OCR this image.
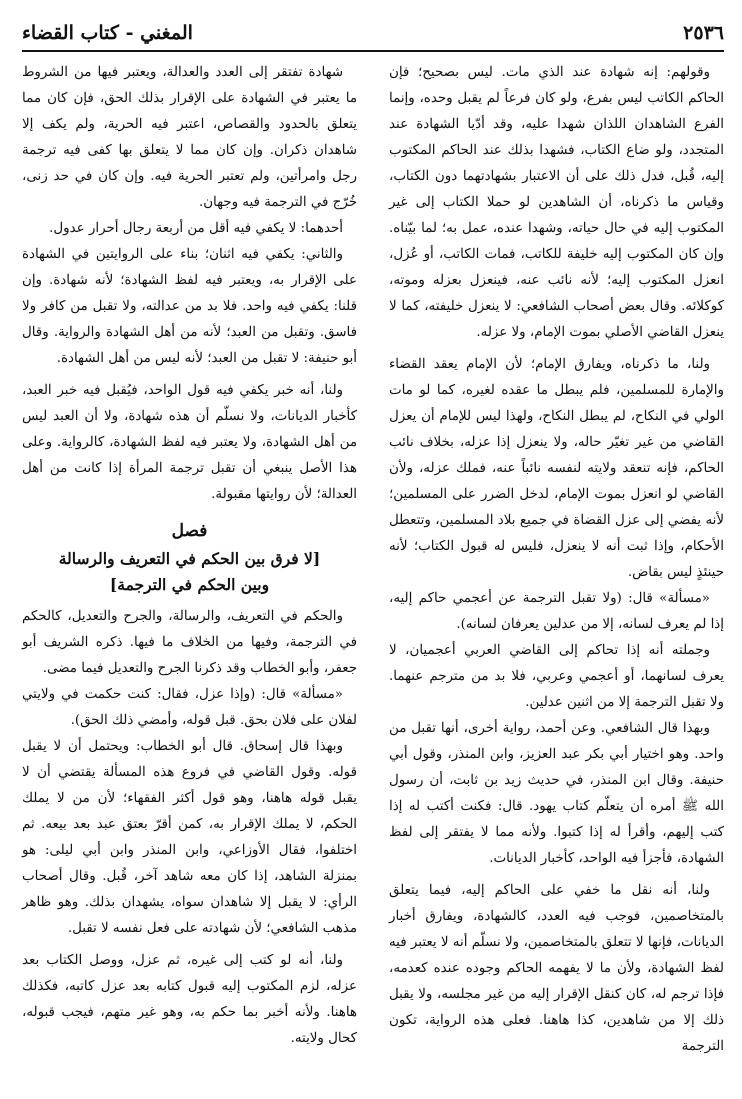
٢٥٣٦
المغني - كتاب القضاء

وقولهم: إنه شهادة عند الذي مات. ليس بصحيح؛ فإن الحاكم الكاتب ليس بفرع، ولو كان فرعاً لم يقبل وحده، وإنما الفرع الشاهدان اللذان شهدا عليه، وقد أدّيا الشهادة عند المتجدد، ولو ضاع الكتاب، فشهدا بذلك عند الحاكم المكتوب إليه، قُبل، فدل ذلك على أن الاعتبار بشهادتهما دون الكتاب، وقياس ما ذكرناه، أن الشاهدين لو حملا الكتاب إلى غير المكتوب إليه في حال حياته، وشهدا عنده، عمل به؛ لما بيّناه. وإن كان المكتوب إليه خليفة للكاتب، فمات الكاتب، أو عُزل، انعزل المكتوب إليه؛ لأنه نائب عنه، فينعزل بعزله وموته، كوكلائه. وقال بعض أصحاب الشافعي: لا ينعزل خليفته، كما لا ينعزل القاضي الأصلي بموت الإمام، ولا عزله.

ولنا، ما ذكرناه، ويفارق الإمام؛ لأن الإمام يعقد القضاء والإمارة للمسلمين، فلم يبطل ما عقده لغيره، كما لو مات الولي في النكاح، لم يبطل النكاح، ولهذا ليس للإمام أن يعزل القاضي من غير تغيّر حاله، ولا ينعزل إذا عزله، بخلاف نائب الحاكم، فإنه تنعقد ولايته لنفسه نائباً عنه، فملك عزله، ولأن القاضي لو انعزل بموت الإمام، لدخل الضرر على المسلمين؛ لأنه يفضي إلى عزل القضاة في جميع بلاد المسلمين، وتتعطل الأحكام، وإذا ثبت أنه لا ينعزل، فليس له قبول الكتاب؛ لأنه حينئذٍ ليس بقاض.

«مسألة» قال: (ولا تقبل الترجمة عن أعجمي حاكم إليه، إذا لم يعرف لسانه، إلا من عدلين يعرفان لسانه).

وجملته أنه إذا تحاكم إلى القاضي العربي أعجميان، لا يعرف لسانهما، أو أعجمي وعربي، فلا بد من مترجم عنهما. ولا تقبل الترجمة إلا من اثنين عدلين.

وبهذا قال الشافعي. وعن أحمد، رواية أخرى، أنها تقبل من واحد. وهو اختيار أبي بكر عبد العزيز، وابن المنذر، وقول أبي حنيفة. وقال ابن المنذر، في حديث زيد بن ثابت، أن رسول الله ﷺ أمره أن يتعلّم كتاب يهود. قال: فكنت أكتب له إذا كتب إليهم، وأقرأ له إذا كتبوا. ولأنه مما لا يفتقر إلى لفظ الشهادة، فأجزأ فيه الواحد، كأخبار الديانات.

ولنا، أنه نقل ما خفي على الحاكم إليه، فيما يتعلق بالمتخاصمين، فوجب فيه العدد، كالشهادة، ويفارق أخبار الديانات، فإنها لا تتعلق بالمتخاصمين، ولا نسلّم أنه لا يعتبر فيه لفظ الشهادة، ولأن ما لا يفهمه الحاكم وجوده عنده كعدمه، فإذا ترجم له، كان كنقل الإقرار إليه من غير مجلسه، ولا يقبل ذلك إلا من شاهدين، كذا هاهنا. فعلى هذه الرواية، تكون الترجمة

شهادة تفتقر إلى العدد والعدالة، ويعتبر فيها من الشروط ما يعتبر في الشهادة على الإقرار بذلك الحق، فإن كان مما يتعلق بالحدود والقصاص، اعتبر فيه الحرية، ولم يكف إلا شاهدان ذكران. وإن كان مما لا يتعلق بها كفى فيه ترجمة رجل وامرأتين، ولم تعتبر الحرية فيه. وإن كان في حد زنى، خُرّج في الترجمة فيه وجهان.

أحدهما: لا يكفي فيه أقل من أربعة رجال أحرار عدول.

والثاني: يكفي فيه اثنان؛ بناء على الروايتين في الشهادة على الإقرار به، ويعتبر فيه لفظ الشهادة؛ لأنه شهادة. وإن قلنا: يكفي فيه واحد. فلا بد من عدالته، ولا تقبل من كافر ولا فاسق. وتقبل من العبد؛ لأنه من أهل الشهادة والرواية. وقال أبو حنيفة: لا تقبل من العبد؛ لأنه ليس من أهل الشهادة.

ولنا، أنه خبر يكفي فيه قول الواحد، فيُقبل فيه خبر العبد، كأخبار الديانات، ولا نسلّم أن هذه شهادة، ولا أن العبد ليس من أهل الشهادة، ولا يعتبر فيه لفظ الشهادة، كالرواية. وعلى هذا الأصل ينبغي أن تقبل ترجمة المرأة إذا كانت من أهل العدالة؛ لأن روايتها مقبولة.

فصل
[لا فرق بين الحكم في التعريف والرسالة
وبين الحكم في الترجمة]

والحكم في التعريف، والرسالة، والجرح والتعديل، كالحكم في الترجمة، وفيها من الخلاف ما فيها. ذكره الشريف أبو جعفر، وأبو الخطاب وقد ذكرنا الجرح والتعديل فيما مضى.

«مسألة» قال: (وإذا عزل، فقال: كنت حكمت في ولايتي لفلان على فلان بحق. قبل قوله، وأمضي ذلك الحق).

وبهذا قال إسحاق. قال أبو الخطاب: ويحتمل أن لا يقبل قوله. وقول القاضي في فروع هذه المسألة يقتضي أن لا يقبل قوله هاهنا، وهو قول أكثر الفقهاء؛ لأن من لا يملك الحكم، لا يملك الإقرار به، كمن أقرّ بعتق عبد بعد بيعه. ثم اختلفوا، فقال الأوزاعي، وابن المنذر وابن أبي ليلى: هو بمنزلة الشاهد، إذا كان معه شاهد آخر، قُبل. وقال أصحاب الرأي: لا يقبل إلا شاهدان سواه، يشهدان بذلك. وهو ظاهر مذهب الشافعي؛ لأن شهادته على فعل نفسه لا تقبل.

ولنا، أنه لو كتب إلى غيره، ثم عزل، ووصل الكتاب بعد عزله، لزم المكتوب إليه قبول كتابه بعد عزل كاتبه، فكذلك هاهنا. ولأنه أخبر بما حكم به، وهو غير متهم، فيجب قبوله، كحال ولايته.
